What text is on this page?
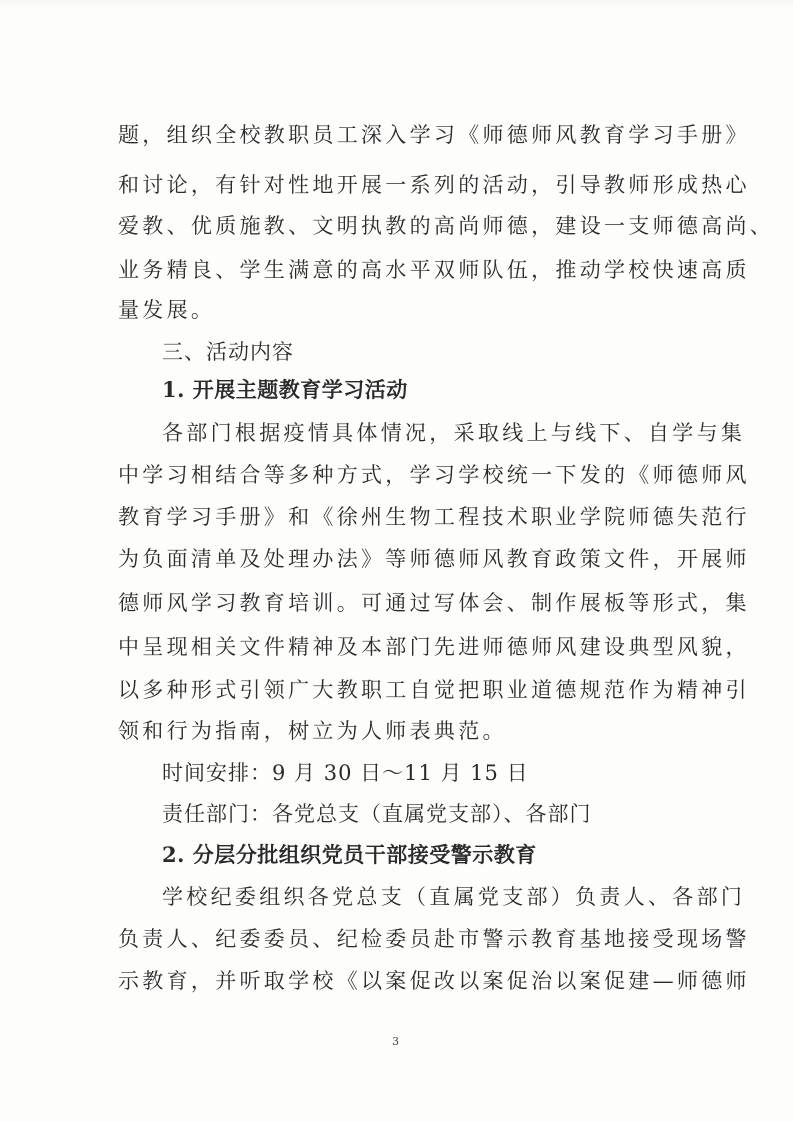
题，组织全校教职员工深入学习《师德师风教育学习手册》
和讨论，有针对性地开展一系列的活动，引导教师形成热心
爱教、优质施教、文明执教的高尚师德，建设一支师德高尚、
业务精良、学生满意的高水平双师队伍，推动学校快速高质
量发展。
三、活动内容
1. 开展主题教育学习活动
各部门根据疫情具体情况，采取线上与线下、自学与集
中学习相结合等多种方式，学习学校统一下发的《师德师风
教育学习手册》和《徐州生物工程技术职业学院师德失范行
为负面清单及处理办法》等师德师风教育政策文件，开展师
德师风学习教育培训。可通过写体会、制作展板等形式，集
中呈现相关文件精神及本部门先进师德师风建设典型风貌，
以多种形式引领广大教职工自觉把职业道德规范作为精神引
领和行为指南，树立为人师表典范。
时间安排：9 月 30 日～11 月 15 日
责任部门：各党总支（直属党支部）、各部门
2. 分层分批组织党员干部接受警示教育
学校纪委组织各党总支（直属党支部）负责人、各部门
负责人、纪委委员、纪检委员赴市警示教育基地接受现场警
示教育，并听取学校《以案促改以案促治以案促建—师德师
3
